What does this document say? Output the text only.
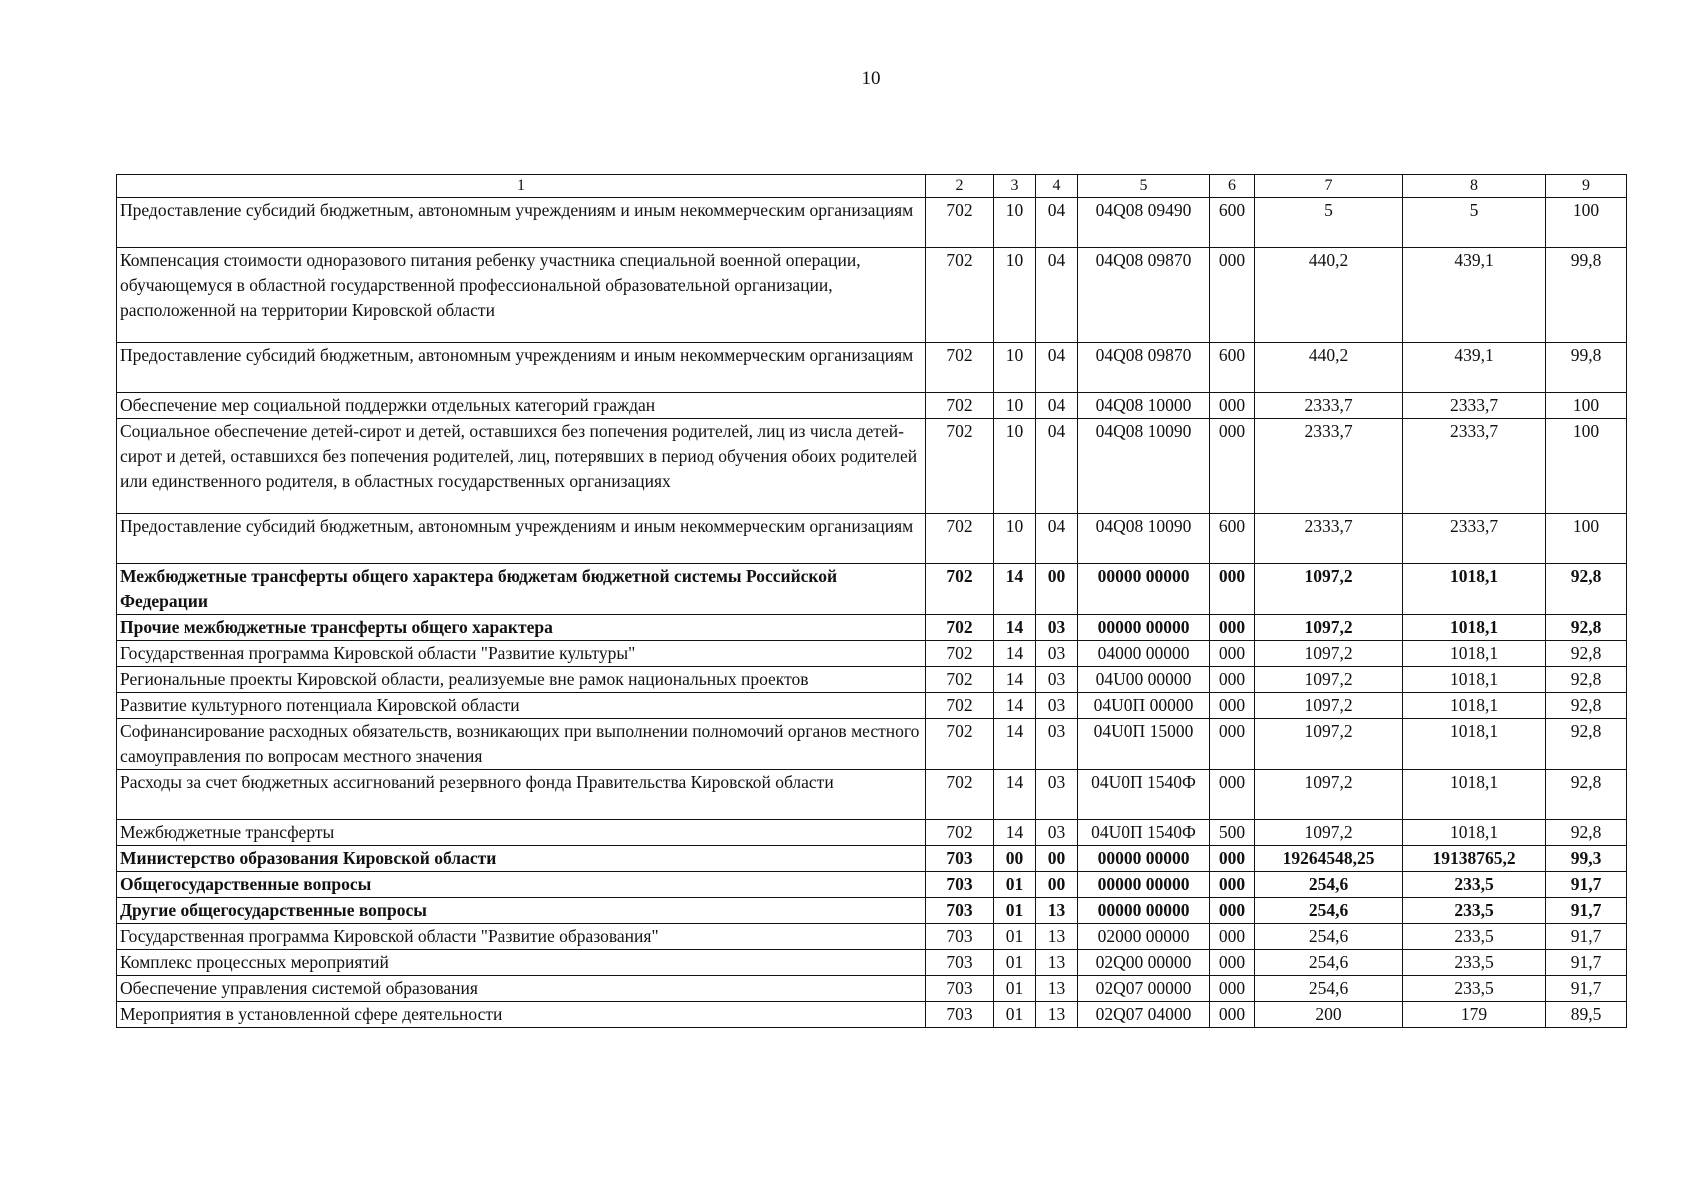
10
1	2	3	4	5	6	7	8	9
Предоставление субсидий бюджетным, автономным учреждениям и иным некоммерческим организациям	702	10	04	04Q08 09490	600	5	5	100
Компенсация стоимости одноразового питания ребенку участника специальной военной операции, обучающемуся в областной государственной профессиональной образовательной организации, расположенной на территории Кировской области	702	10	04	04Q08 09870	000	440,2	439,1	99,8
Предоставление субсидий бюджетным, автономным учреждениям и иным некоммерческим организациям	702	10	04	04Q08 09870	600	440,2	439,1	99,8
Обеспечение мер социальной поддержки отдельных категорий граждан	702	10	04	04Q08 10000	000	2333,7	2333,7	100
Социальное обеспечение детей-сирот и детей, оставшихся без попечения родителей, лиц из числа детей-сирот и детей, оставшихся без попечения родителей, лиц, потерявших в период обучения обоих родителей или единственного родителя, в областных государственных организациях	702	10	04	04Q08 10090	000	2333,7	2333,7	100
Предоставление субсидий бюджетным, автономным учреждениям и иным некоммерческим организациям	702	10	04	04Q08 10090	600	2333,7	2333,7	100
Межбюджетные трансферты общего характера бюджетам бюджетной системы Российской Федерации	702	14	00	00000 00000	000	1097,2	1018,1	92,8
Прочие межбюджетные трансферты общего характера	702	14	03	00000 00000	000	1097,2	1018,1	92,8
Государственная программа Кировской области "Развитие культуры"	702	14	03	04000 00000	000	1097,2	1018,1	92,8
Региональные проекты Кировской области, реализуемые вне рамок национальных проектов	702	14	03	04U00 00000	000	1097,2	1018,1	92,8
Развитие культурного потенциала Кировской области	702	14	03	04U0П 00000	000	1097,2	1018,1	92,8
Софинансирование расходных обязательств, возникающих при выполнении полномочий органов местного самоуправления по вопросам местного значения	702	14	03	04U0П 15000	000	1097,2	1018,1	92,8
Расходы за счет бюджетных ассигнований резервного фонда Правительства Кировской области	702	14	03	04U0П 1540Ф	000	1097,2	1018,1	92,8
Межбюджетные трансферты	702	14	03	04U0П 1540Ф	500	1097,2	1018,1	92,8
Министерство образования Кировской области	703	00	00	00000 00000	000	19264548,25	19138765,2	99,3
Общегосударственные вопросы	703	01	00	00000 00000	000	254,6	233,5	91,7
Другие общегосударственные вопросы	703	01	13	00000 00000	000	254,6	233,5	91,7
Государственная программа Кировской области "Развитие образования"	703	01	13	02000 00000	000	254,6	233,5	91,7
Комплекс процессных мероприятий	703	01	13	02Q00 00000	000	254,6	233,5	91,7
Обеспечение управления системой образования	703	01	13	02Q07 00000	000	254,6	233,5	91,7
Мероприятия в установленной сфере деятельности	703	01	13	02Q07 04000	000	200	179	89,5
